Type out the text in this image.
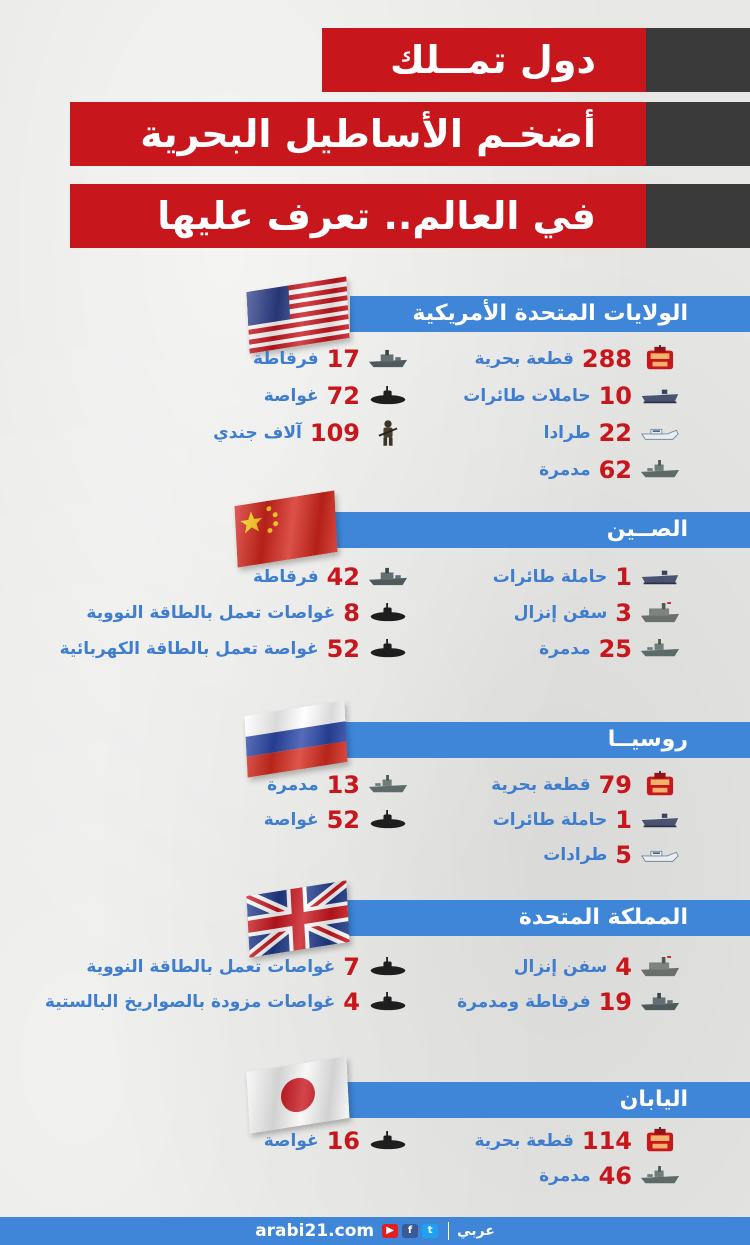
دول تمــلك
أضخـم الأساطيل البحرية
في العالم.. تعرف عليها
الولايات المتحدة الأمريكية
288
قطعة بحرية
10
حاملات طائرات
22
طرادا
62
مدمرة
17
فرقاطة
72
غواصة
109
آلاف جندي
الصــين
1
حاملة طائرات
3
سفن إنزال
25
مدمرة
42
فرقاطة
8
غواصات تعمل بالطاقة النووية
52
غواصة تعمل بالطاقة الكهربائية
روسيــا
79
قطعة بحرية
1
حاملة طائرات
5
طرادات
13
مدمرة
52
غواصة
المملكة المتحدة
4
سفن إنزال
19
فرقاطة ومدمرة
7
غواصات تعمل بالطاقة النووية
4
غواصات مزودة بالصواريخ البالستية
اليابان
114
قطعة بحرية
46
مدمرة
16
غواصة
arabi21.com	▶	f	t	عربي
